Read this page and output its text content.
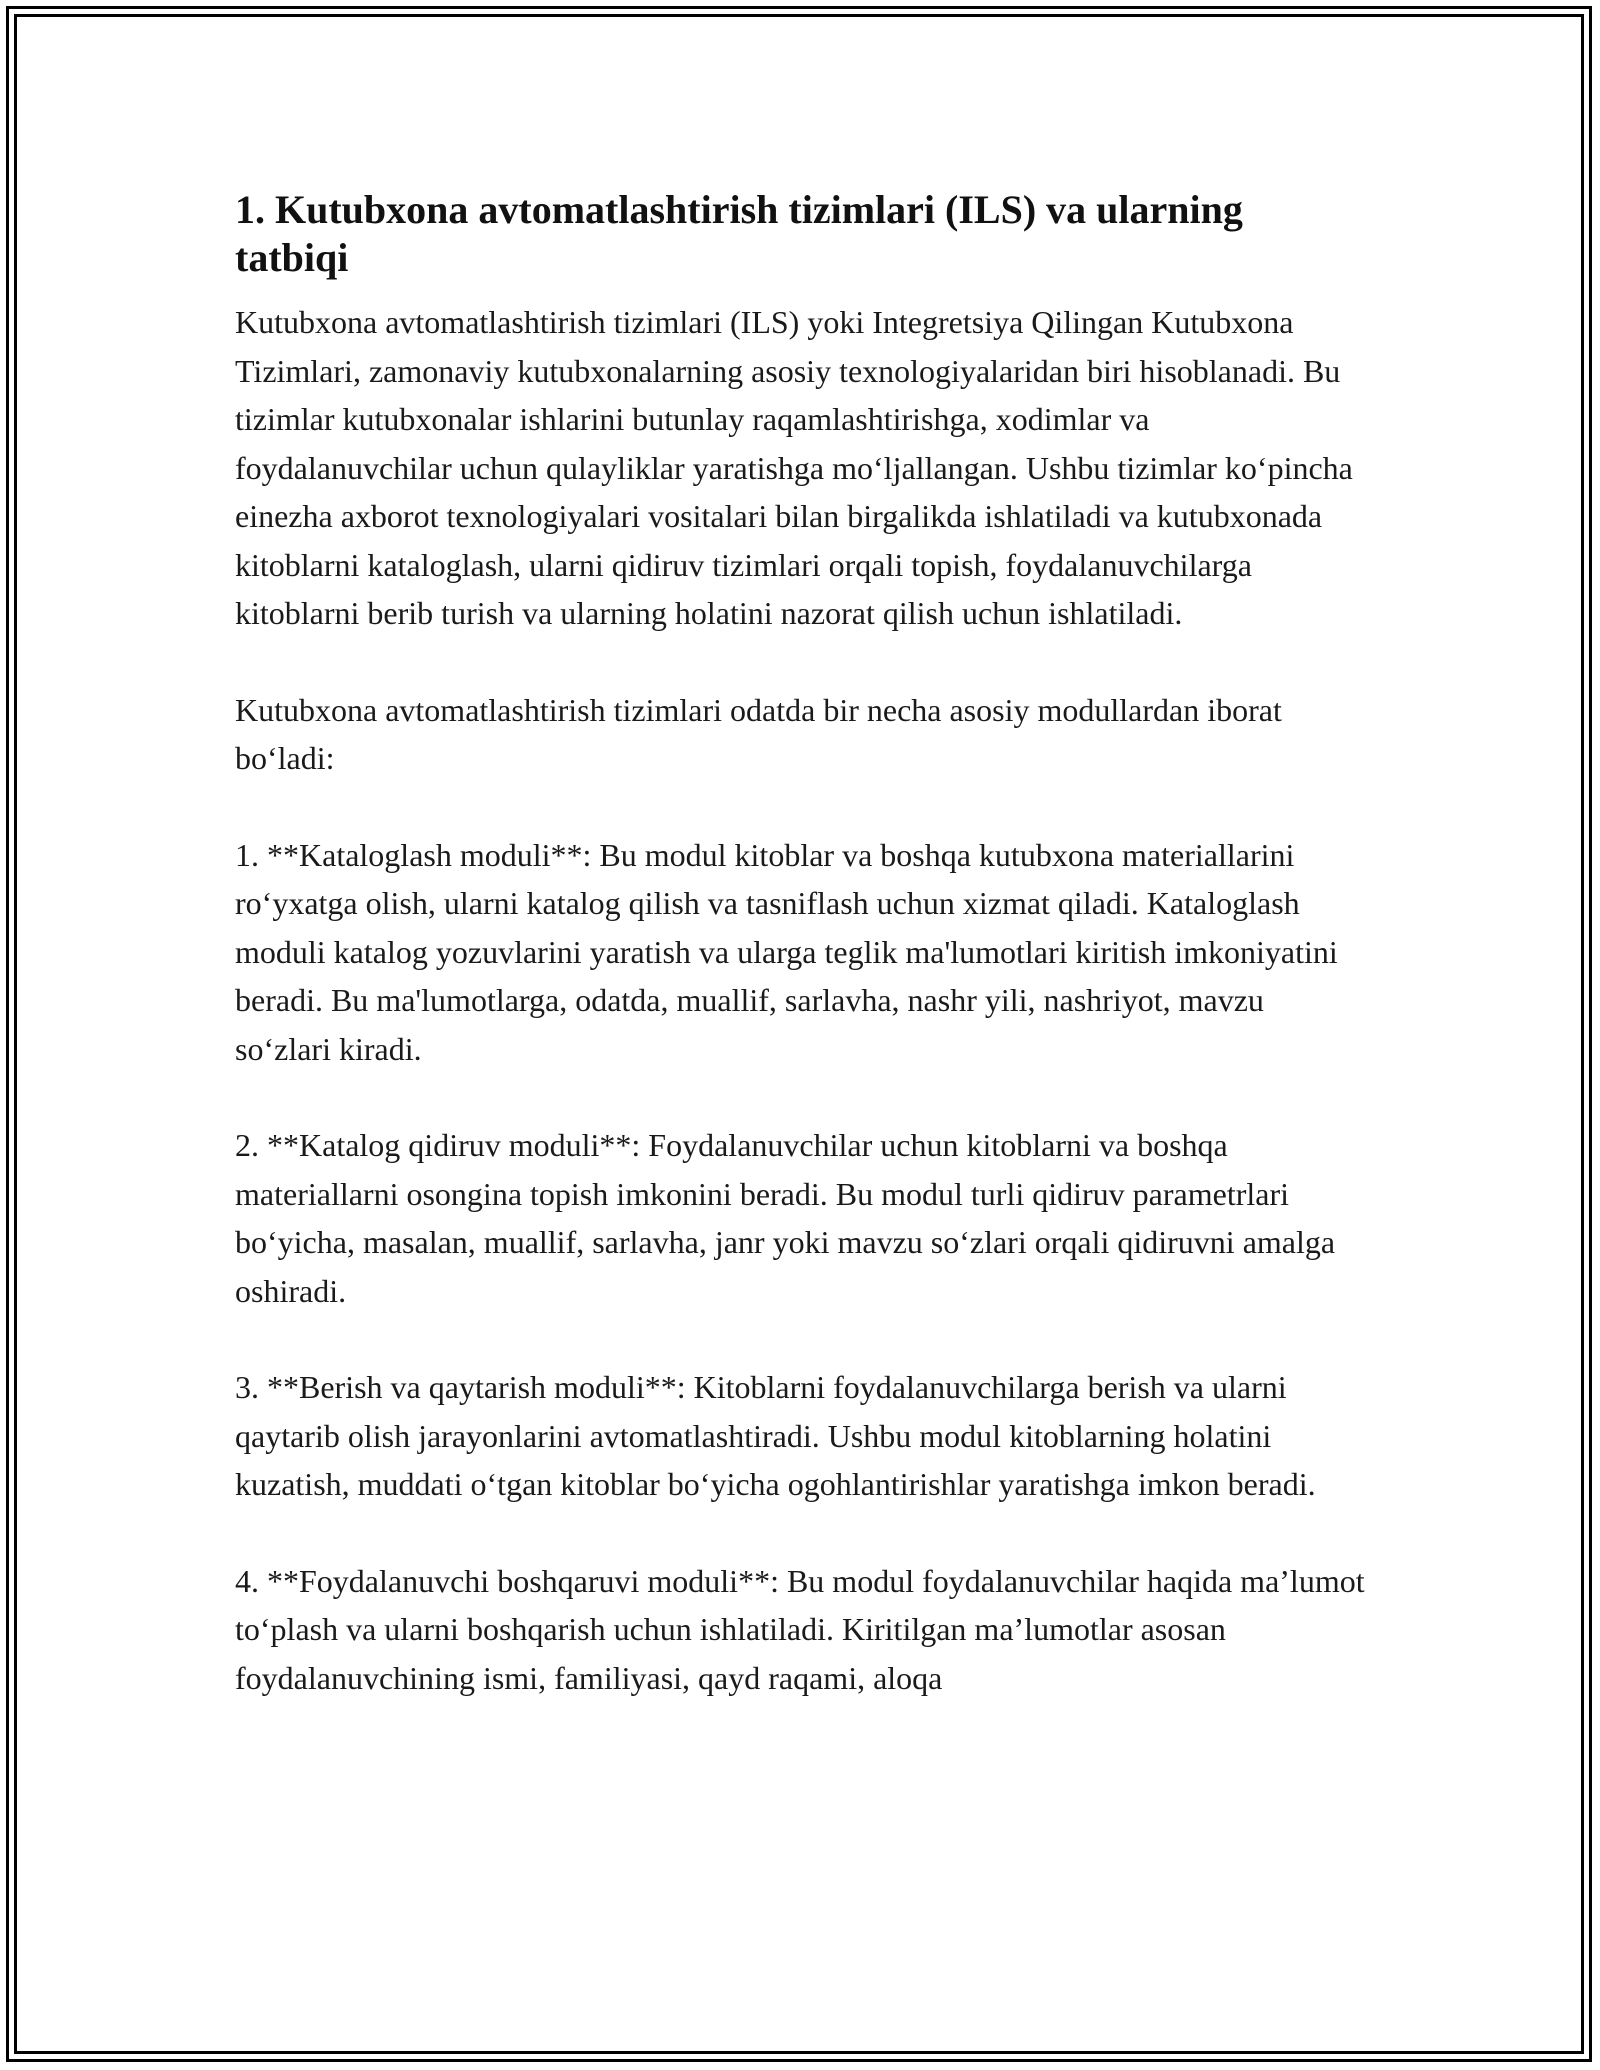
1. Kutubxona avtomatlashtirish tizimlari (ILS) va ularning tatbiqi

Kutubxona avtomatlashtirish tizimlari (ILS) yoki Integretsiya Qilingan Kutubxona Tizimlari, zamonaviy kutubxonalarning asosiy texnologiyalaridan biri hisoblanadi. Bu tizimlar kutubxonalar ishlarini butunlay raqamlashtirishga, xodimlar va foydalanuvchilar uchun qulayliklar yaratishga mo‘ljallangan. Ushbu tizimlar ko‘pincha einezha axborot texnologiyalari vositalari bilan birgalikda ishlatiladi va kutubxonada kitoblarni kataloglash, ularni qidiruv tizimlari orqali topish, foydalanuvchilarga kitoblarni berib turish va ularning holatini nazorat qilish uchun ishlatiladi.

Kutubxona avtomatlashtirish tizimlari odatda bir necha asosiy modullardan iborat bo‘ladi:

1. **Kataloglash moduli**: Bu modul kitoblar va boshqa kutubxona materiallarini ro‘yxatga olish, ularni katalog qilish va tasniflash uchun xizmat qiladi. Kataloglash moduli katalog yozuvlarini yaratish va ularga teglik ma'lumotlari kiritish imkoniyatini beradi. Bu ma'lumotlarga, odatda, muallif, sarlavha, nashr yili, nashriyot, mavzu so‘zlari kiradi.

2. **Katalog qidiruv moduli**: Foydalanuvchilar uchun kitoblarni va boshqa materiallarni osongina topish imkonini beradi. Bu modul turli qidiruv parametrlari bo‘yicha, masalan, muallif, sarlavha, janr yoki mavzu so‘zlari orqali qidiruvni amalga oshiradi.

3. **Berish va qaytarish moduli**: Kitoblarni foydalanuvchilarga berish va ularni qaytarib olish jarayonlarini avtomatlashtiradi. Ushbu modul kitoblarning holatini kuzatish, muddati o‘tgan kitoblar bo‘yicha ogohlantirishlar yaratishga imkon beradi.

4. **Foydalanuvchi boshqaruvi moduli**: Bu modul foydalanuvchilar haqida ma’lumot to‘plash va ularni boshqarish uchun ishlatiladi. Kiritilgan ma’lumotlar asosan foydalanuvchining ismi, familiyasi, qayd raqami, aloqa
